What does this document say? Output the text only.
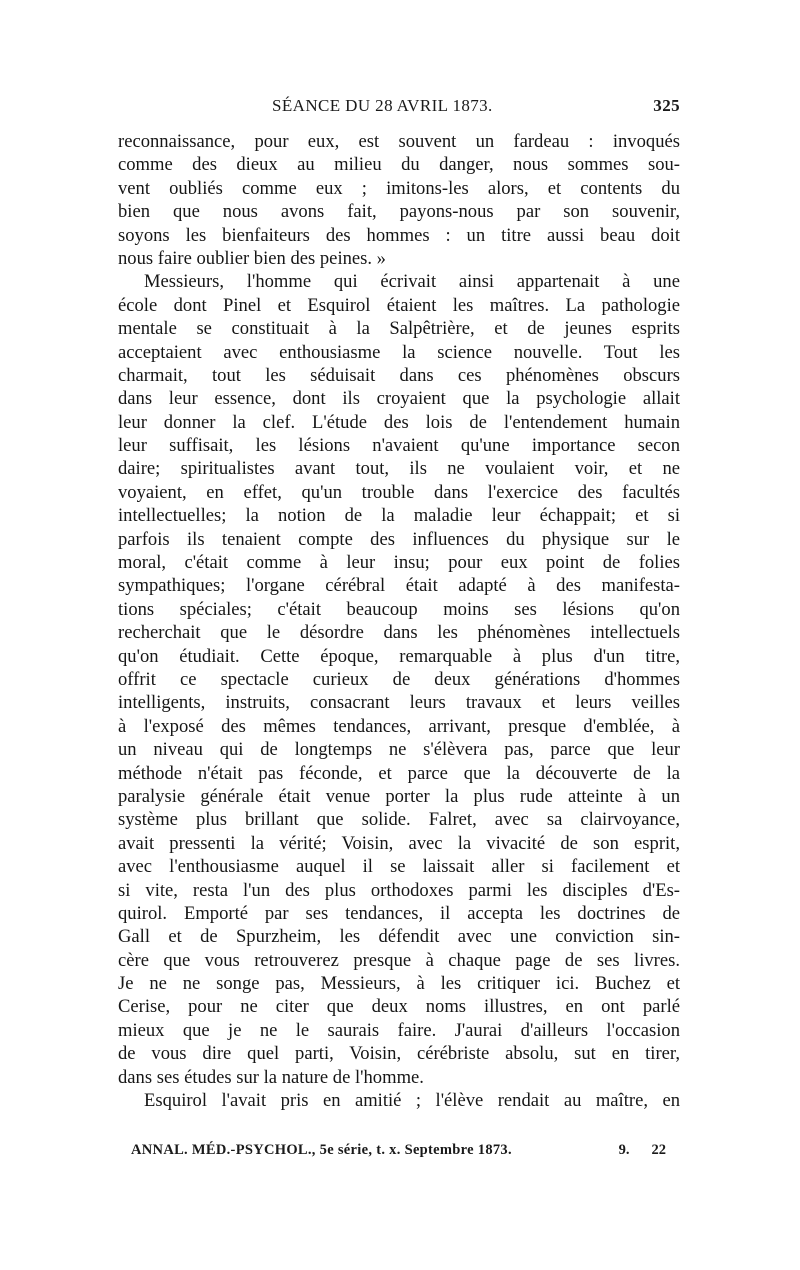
SÉANCE DU 28 AVRIL 1873.	325
reconnaissance, pour eux, est souvent un fardeau : invoqués
comme des dieux au milieu du danger, nous sommes sou-
vent oubliés comme eux ; imitons-les alors, et contents du
bien que nous avons fait, payons-nous par son souvenir,
soyons les bienfaiteurs des hommes : un titre aussi beau doit
nous faire oublier bien des peines. »
Messieurs, l'homme qui écrivait ainsi appartenait à une
école dont Pinel et Esquirol étaient les maîtres. La pathologie
mentale se constituait à la Salpêtrière, et de jeunes esprits
acceptaient avec enthousiasme la science nouvelle. Tout les
charmait, tout les séduisait dans ces phénomènes obscurs
dans leur essence, dont ils croyaient que la psychologie allait
leur donner la clef. L'étude des lois de l'entendement humain
leur suffisait, les lésions n'avaient qu'une importance secon
daire; spiritualistes avant tout, ils ne voulaient voir, et ne
voyaient, en effet, qu'un trouble dans l'exercice des facultés
intellectuelles; la notion de la maladie leur échappait; et si
parfois ils tenaient compte des influences du physique sur le
moral, c'était comme à leur insu; pour eux point de folies
sympathiques; l'organe cérébral était adapté à des manifesta-
tions spéciales; c'était beaucoup moins ses lésions qu'on
recherchait que le désordre dans les phénomènes intellectuels
qu'on étudiait. Cette époque, remarquable à plus d'un titre,
offrit ce spectacle curieux de deux générations d'hommes
intelligents, instruits, consacrant leurs travaux et leurs veilles
à l'exposé des mêmes tendances, arrivant, presque d'emblée, à
un niveau qui de longtemps ne s'élèvera pas, parce que leur
méthode n'était pas féconde, et parce que la découverte de la
paralysie générale était venue porter la plus rude atteinte à un
système plus brillant que solide. Falret, avec sa clairvoyance,
avait pressenti la vérité; Voisin, avec la vivacité de son esprit,
avec l'enthousiasme auquel il se laissait aller si facilement et
si vite, resta l'un des plus orthodoxes parmi les disciples d'Es-
quirol. Emporté par ses tendances, il accepta les doctrines de
Gall et de Spurzheim, les défendit avec une conviction sin-
cère que vous retrouverez presque à chaque page de ses livres.
Je ne ne songe pas, Messieurs, à les critiquer ici. Buchez et
Cerise, pour ne citer que deux noms illustres, en ont parlé
mieux que je ne le saurais faire. J'aurai d'ailleurs l'occasion
de vous dire quel parti, Voisin, cérébriste absolu, sut en tirer,
dans ses études sur la nature de l'homme.
Esquirol l'avait pris en amitié ; l'élève rendait au maître, en
ANNAL. MÉD.-PSYCHOL., 5e série, t. x. Septembre 1873.	9. 22
